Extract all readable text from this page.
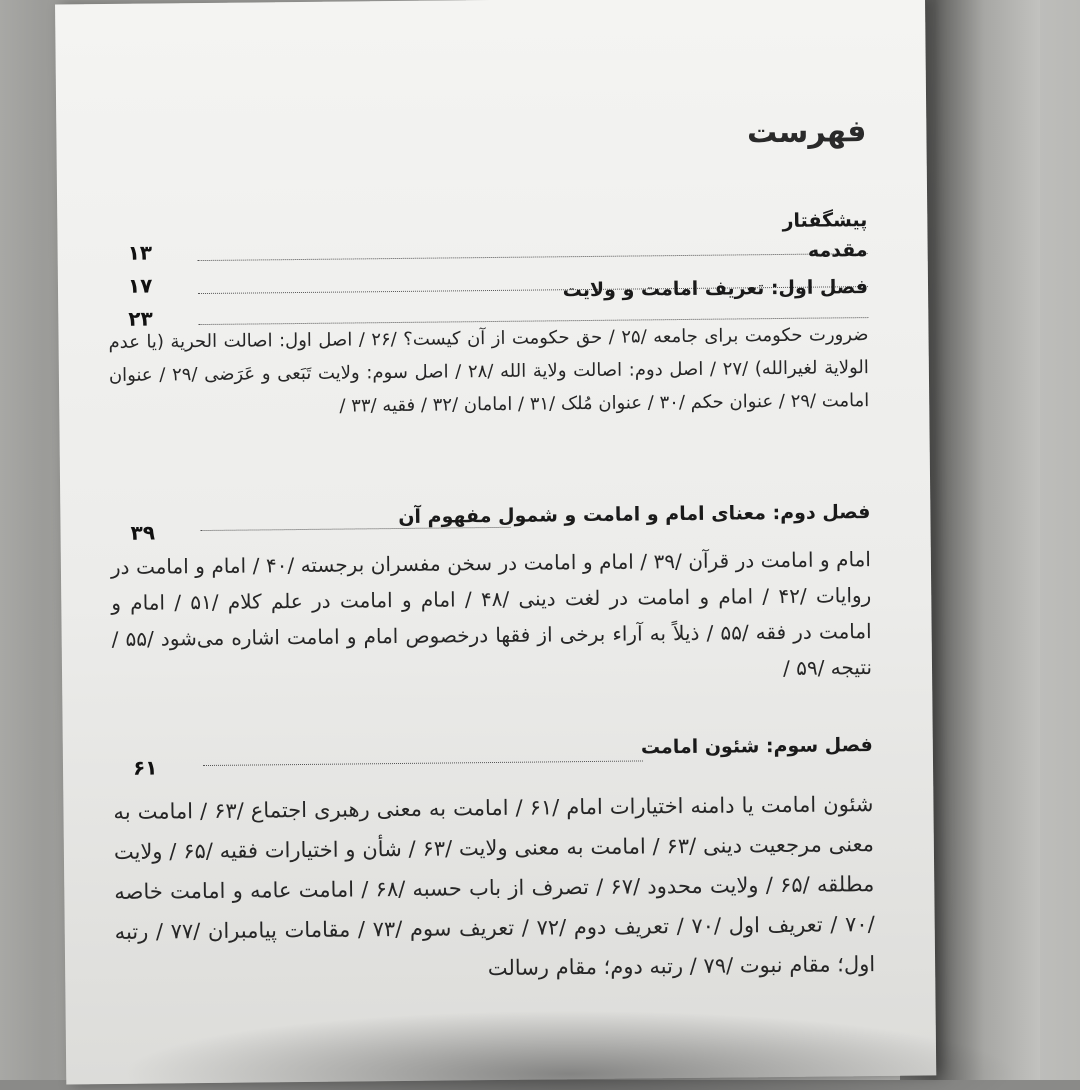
فهرست
پیشگفتار
۱۳	مقدمه
۱۷	فصل اول: تعریف امامت و ولایت
۲۳
ضرورت حکومت برای جامعه /۲۵ / حق حکومت از آن کیست؟ /۲۶ / اصل اول: اصالت الحریة (یا عدم الولایة لغیرالله) /۲۷ / اصل دوم: اصالت ولایة الله /۲۸ / اصل سوم: ولایت تَبَعی و عَرَضی /۲۹ / عنوان امامت /۲۹ / عنوان حکم /۳۰ / عنوان مُلک /۳۱ / امامان /۳۲ / فقیه /۳۳ /
فصل دوم: معنای امام و امامت و شمول مفهوم آن
۳۹
امام و امامت در قرآن /۳۹ / امام و امامت در سخن مفسران برجسته /۴۰ / امام و امامت در روایات /۴۲ / امام و امامت در لغت دینی /۴۸ / امام و امامت در علم کلام /۵۱ / امام و امامت در فقه /۵۵ / ذیلاً به آراء برخی از فقها درخصوص امام و امامت اشاره می‌شود /۵۵ / نتیجه /۵۹ /
فصل سوم: شئون امامت
۶۱
شئون امامت یا دامنه اختیارات امام /۶۱ / امامت به معنی رهبری اجتماع /۶۳ / امامت به معنی مرجعیت دینی /۶۳ / امامت به معنی ولایت /۶۳ / شأن و اختیارات فقیه /۶۵ / ولایت مطلقه /۶۵ / ولایت محدود /۶۷ / تصرف از باب حسبه /۶۸ / امامت عامه و امامت خاصه /۷۰ / تعریف اول /۷۰ / تعریف دوم /۷۲ / تعریف سوم /۷۳ / مقامات پیامبران /۷۷ / رتبه اول؛ مقام نبوت /۷۹ / رتبه دوم؛ مقام رسالت
